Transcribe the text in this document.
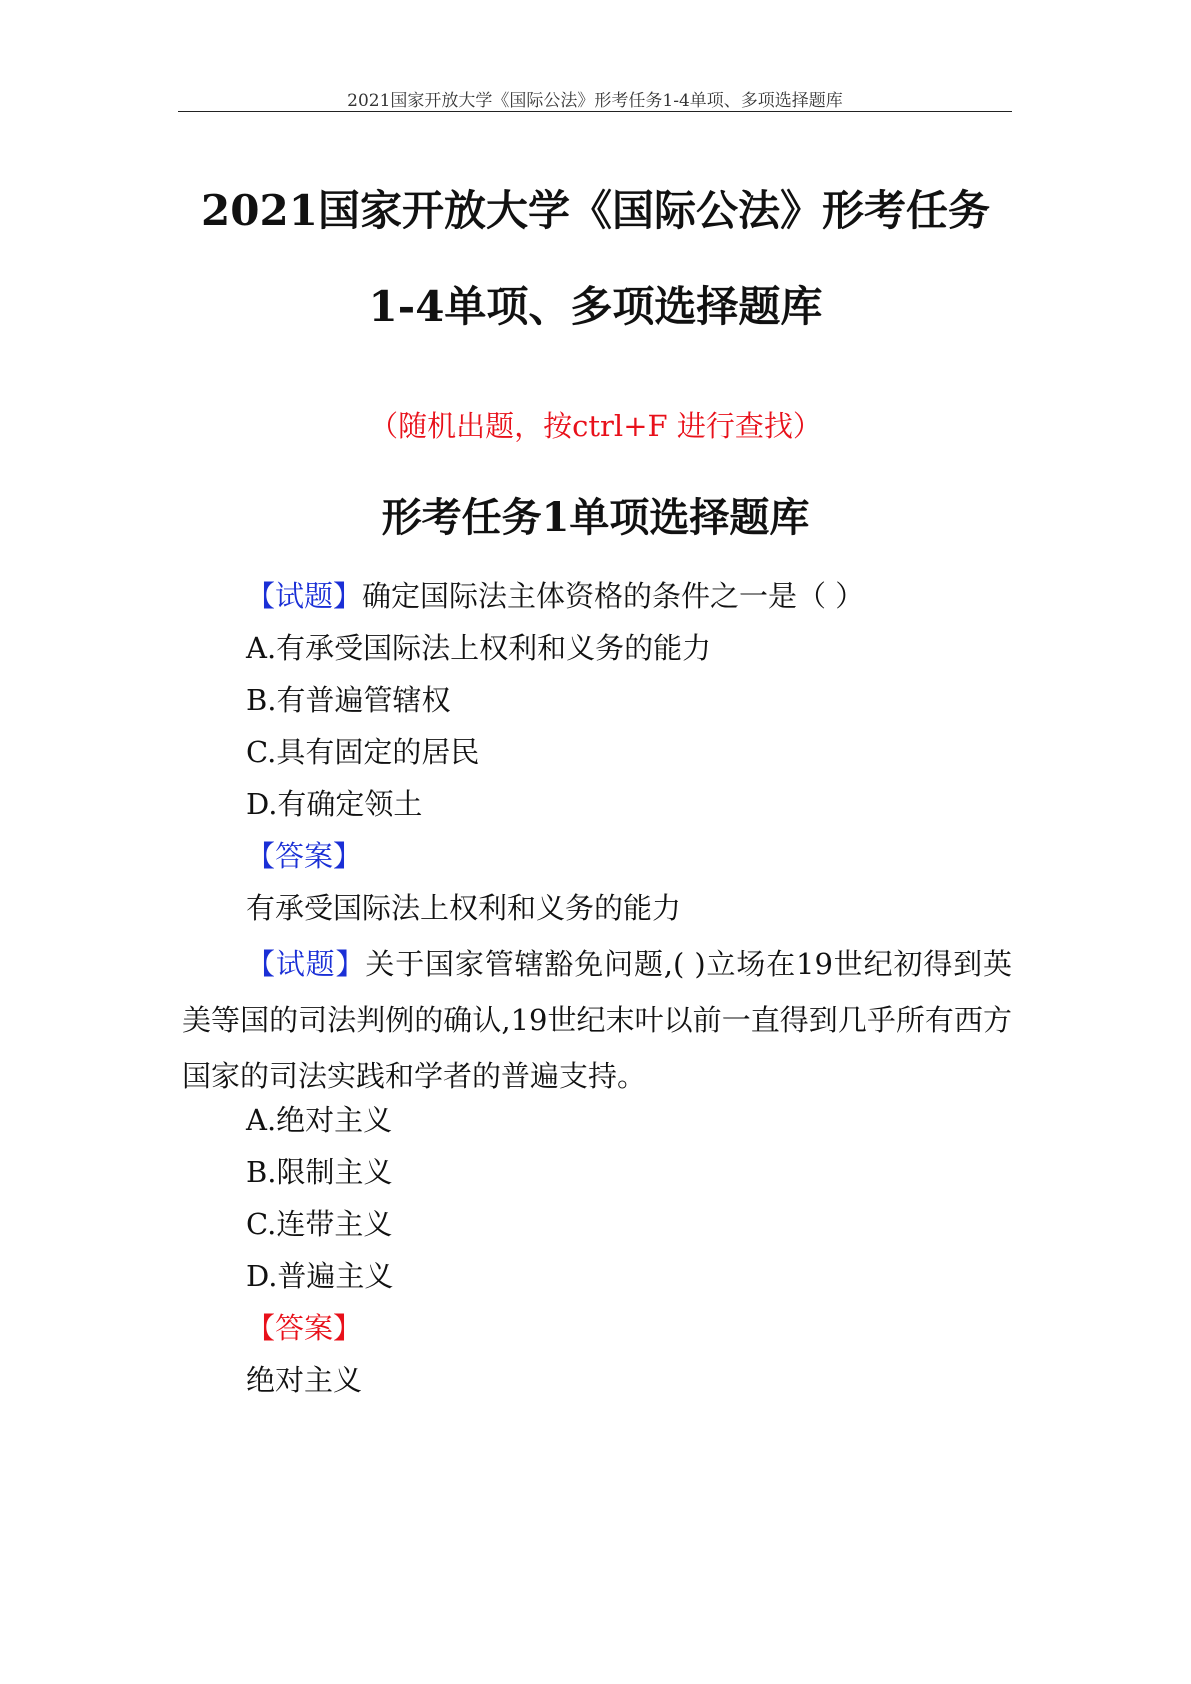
2021国家开放大学《国际公法》形考任务1-4单项、多项选择题库
2021国家开放大学《国际公法》形考任务
1-4单项、多项选择题库
（随机出题，按ctrl+F 进行查找）
形考任务1单项选择题库
【试题】确定国际法主体资格的条件之一是（ ）
A.有承受国际法上权利和义务的能力
B.有普遍管辖权
C.具有固定的居民
D.有确定领土
【答案】
有承受国际法上权利和义务的能力
【试题】关于国家管辖豁免问题,( )立场在19世纪初得到英美等国的司法判例的确认,19世纪末叶以前一直得到几乎所有西方国家的司法实践和学者的普遍支持。
A.绝对主义
B.限制主义
C.连带主义
D.普遍主义
【答案】
绝对主义
